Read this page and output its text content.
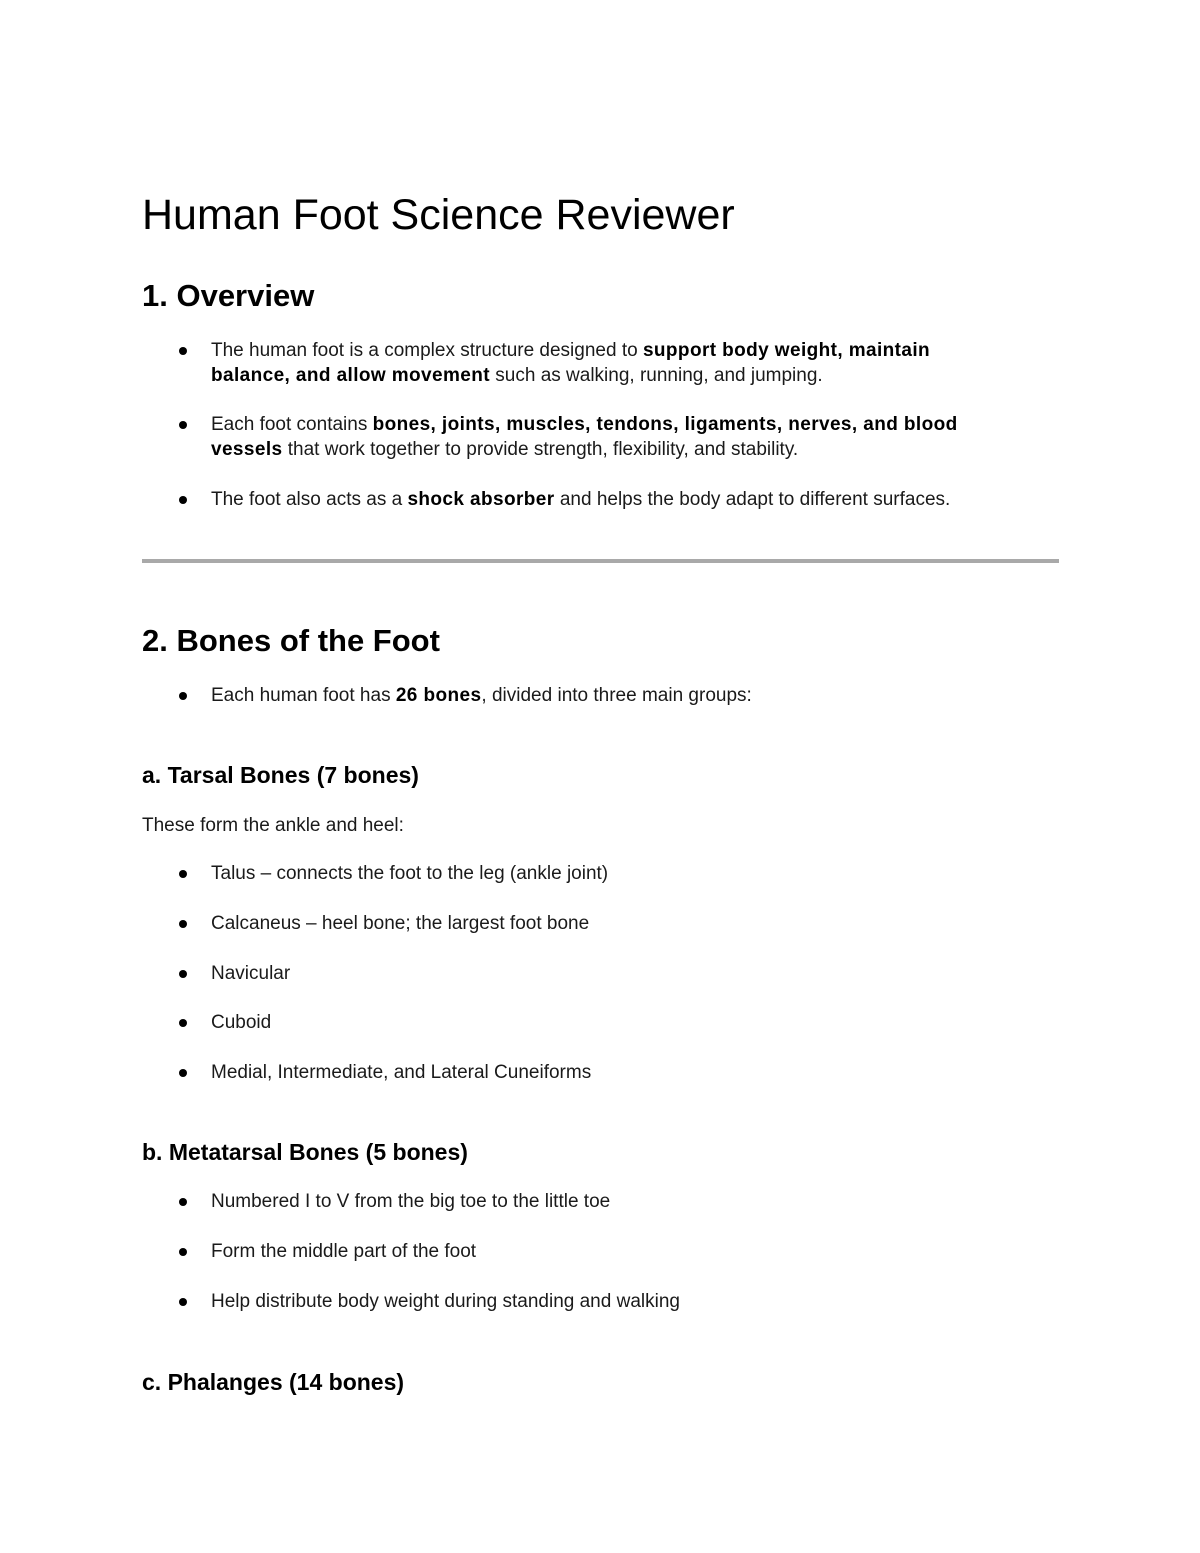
Human Foot Science Reviewer
1. Overview
The human foot is a complex structure designed to support body weight, maintain
balance, and allow movement such as walking, running, and jumping.
Each foot contains bones, joints, muscles, tendons, ligaments, nerves, and blood
vessels that work together to provide strength, flexibility, and stability.
The foot also acts as a shock absorber and helps the body adapt to different surfaces.
2. Bones of the Foot
Each human foot has 26 bones, divided into three main groups:
a. Tarsal Bones (7 bones)

These form the ankle and heel:

Talus – connects the foot to the leg (ankle joint)
Calcaneus – heel bone; the largest foot bone
Navicular
Cuboid
Medial, Intermediate, and Lateral Cuneiforms
b. Metatarsal Bones (5 bones)
Numbered I to V from the big toe to the little toe
Form the middle part of the foot
Help distribute body weight during standing and walking
c. Phalanges (14 bones)
